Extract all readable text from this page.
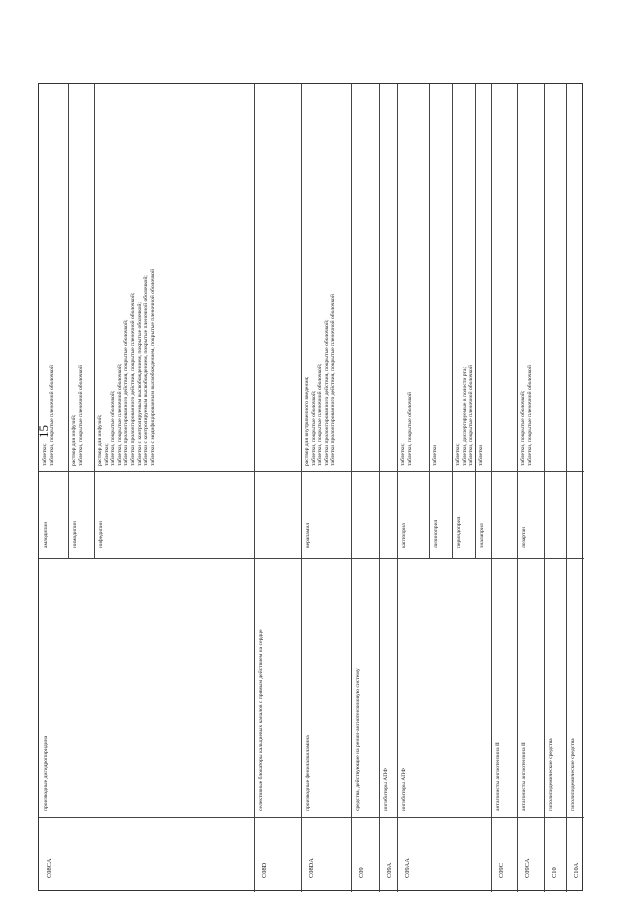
15
C08CA
производные дигидропиридина
амлодипин
таблетки; таблетки, покрытые пленочной оболочкой
нимодипин
раствор для инфузий; таблетки, покрытые пленочной оболочкой
нифедипин
раствор для инфузий; таблетки; таблетки, покрытые оболочкой; таблетки, покрытые пленочной оболочкой; таблетки пролонгированного действия, покрытые оболочкой; таблетки пролонгированного действия, покрытые пленочной оболочкой; таблетки с контролируемым высвобождением, покрытые оболочкой; таблетки с контролируемым высвобождением, покрытые пленочной оболочкой; таблетки с модифицированным высвобождением, покрытые пленочной оболочкой
C08D
селективные блокаторы кальциевых каналов с прямым действием на сердце
C08DA
производные фенилалкиламина
верапамил
раствор для внутривенного введения; таблетки, покрытые оболочкой; таблетки, покрытые пленочной оболочкой; таблетки пролонгированного действия, покрытые оболочкой; таблетки пролонгированного действия, покрытые пленочной оболочкой
C09
средства, действующие на ренин-ангиотензиновую систему
C09A
ингибиторы АПФ
C09AA
ингибиторы АПФ
каптоприл
таблетки; таблетки, покрытые оболочкой
лизиноприл
таблетки
периндоприл
таблетки; таблетки, диспергируемые в полости рта; таблетки, покрытые пленочной оболочкой
эналаприл
таблетки
C09C
антагонисты ангиотензина II
C09CA
антагонисты ангиотензина II
лозартан
таблетки, покрытые оболочкой; таблетки, покрытые пленочной оболочкой
C10
гиполипидемические средства
C10A
гиполипидемические средства
